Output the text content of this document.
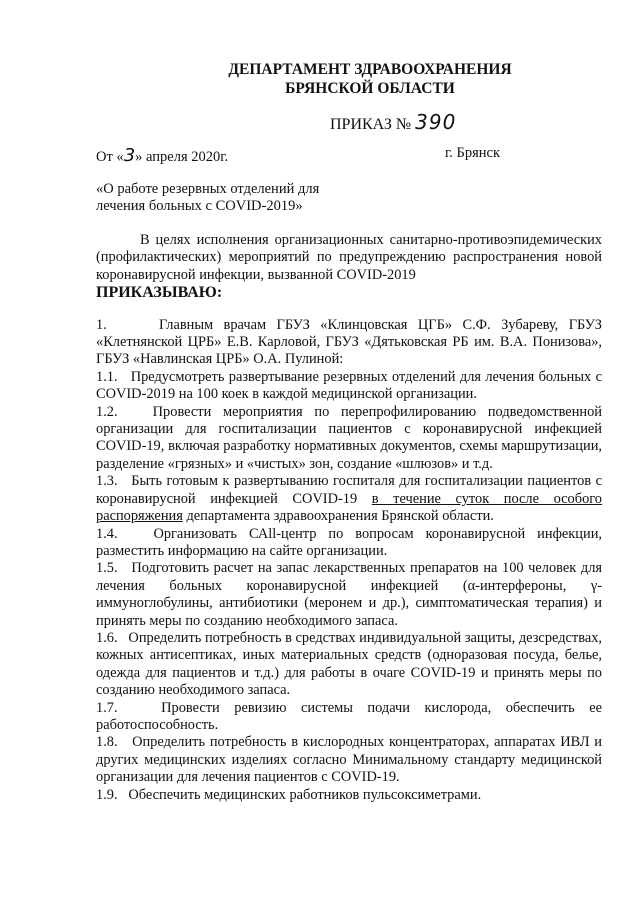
ДЕПАРТАМЕНТ ЗДРАВООХРАНЕНИЯ
БРЯНСКОЙ ОБЛАСТИ
ПРИКАЗ № 390
От «3» апреля 2020г.	г. Брянск
«О работе резервных отделений для лечения больных с COVID-2019»

В целях исполнения организационных санитарно-противоэпидемических (профилактических) мероприятий по предупреждению распространения новой коронавирусной инфекции, вызванной COVID-2019

ПРИКАЗЫВАЮ:

1.     Главным врачам ГБУЗ «Клинцовская ЦГБ» С.Ф. Зубареву, ГБУЗ «Клетнянской ЦРБ» Е.В. Карловой, ГБУЗ «Дятьковская РБ им. В.А. Понизова», ГБУЗ «Навлинская ЦРБ» О.А. Пулиной:

1.1.   Предусмотреть развертывание резервных отделений для лечения больных с COVID-2019 на 100 коек в каждой медицинской организации.

1.2.   Провести мероприятия по перепрофилированию подведомственной организации для госпитализации пациентов с коронавирусной инфекцией COVID-19, включая разработку нормативных документов, схемы маршрутизации, разделение «грязных» и «чистых» зон, создание «шлюзов» и т.д.

1.3.   Быть готовым к развертыванию госпиталя для госпитализации пациентов с коронавирусной инфекцией COVID-19 в течение суток после особого распоряжения департамента здравоохранения Брянской области.

1.4.   Организовать САll-центр по вопросам коронавирусной инфекции, разместить информацию на сайте организации.

1.5.   Подготовить расчет на запас лекарственных препаратов на 100 человек для лечения больных коронавирусной инфекцией (α-интерфероны, γ-иммуноглобулины, антибиотики (меронем и др.), симптоматическая терапия) и принять меры по созданию необходимого запаса.

1.6.   Определить потребность в средствах индивидуальной защиты, дезсредствах, кожных антисептиках, иных материальных средств (одноразовая посуда, белье, одежда для пациентов и т.д.) для работы в очаге COVID-19 и принять меры по созданию необходимого запаса.

1.7.   Провести ревизию системы подачи кислорода, обеспечить ее работоспособность.

1.8.   Определить потребность в кислородных концентраторах, аппаратах ИВЛ и других медицинских изделиях согласно Минимальному стандарту медицинской организации для лечения пациентов с COVID-19.

1.9.   Обеспечить медицинских работников пульсоксиметрами.
